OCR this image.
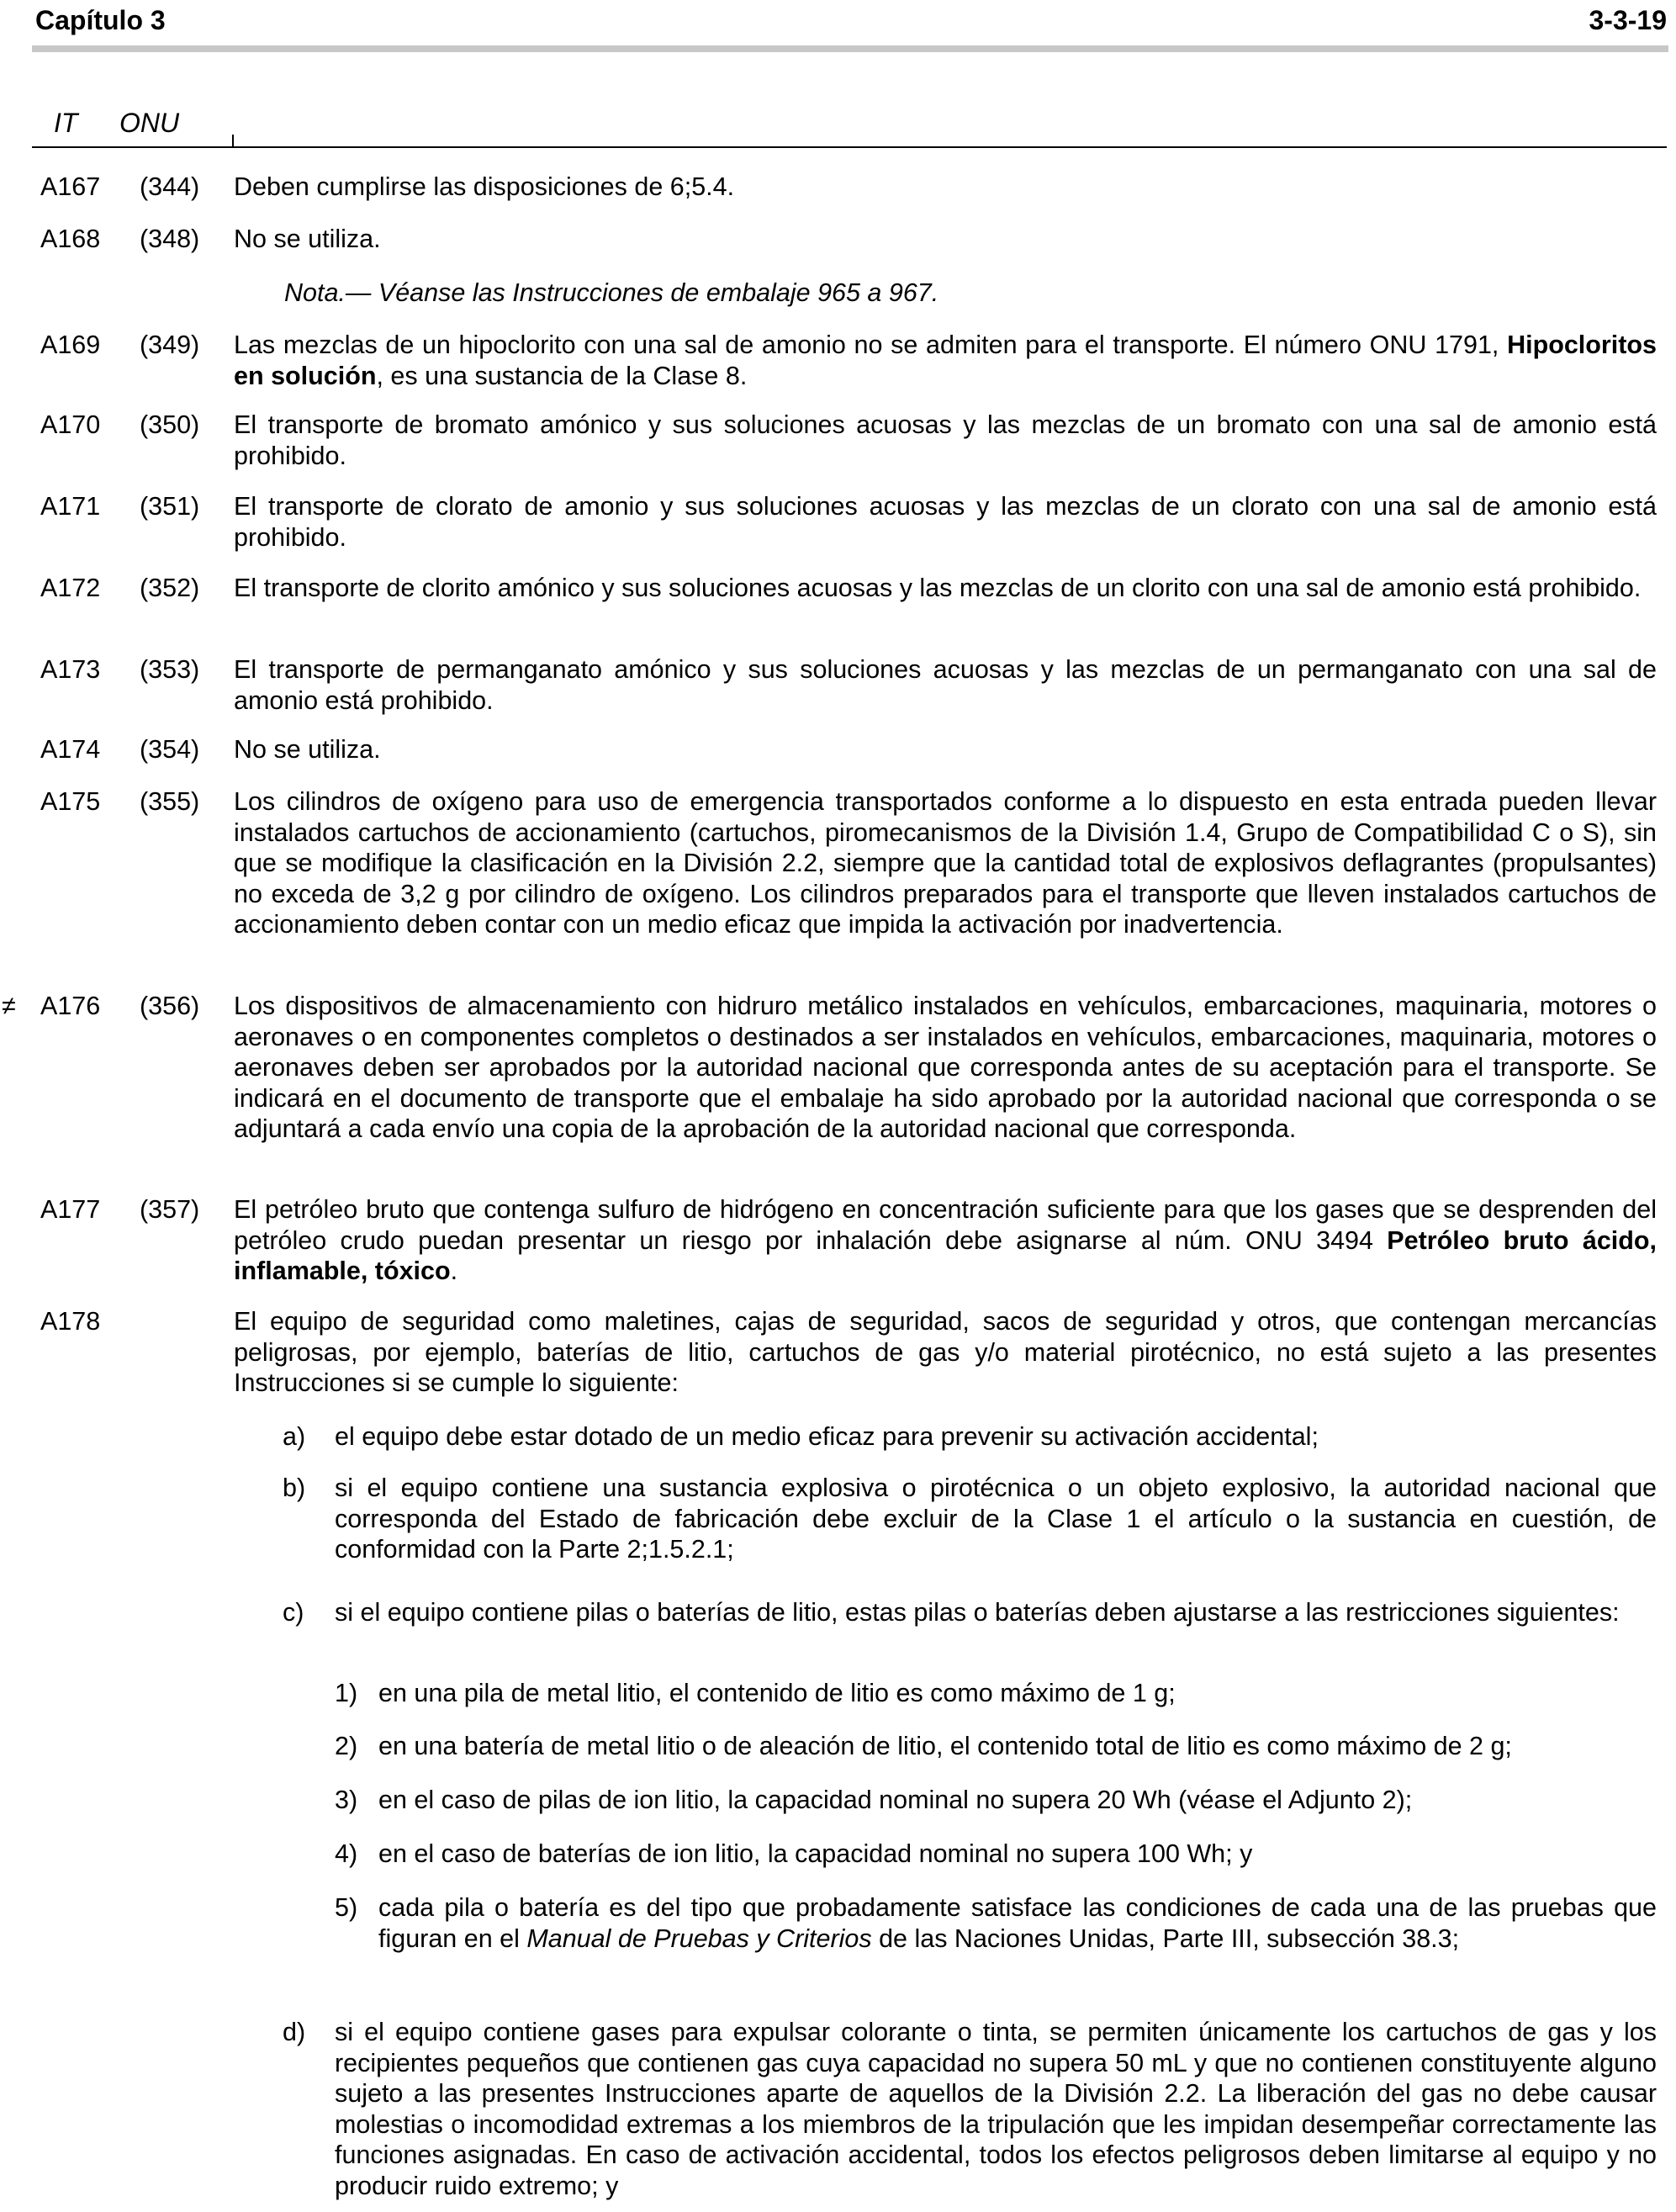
Capítulo 3	3-3-19
IT ONU
A167 (344) Deben cumplirse las disposiciones de 6;5.4.
A168 (348) No se utiliza.
Nota.— Véanse las Instrucciones de embalaje 965 a 967.
A169 (349) Las mezclas de un hipoclorito con una sal de amonio no se admiten para el transporte. El número ONU 1791, Hipocloritos en solución, es una sustancia de la Clase 8.
A170 (350) El transporte de bromato amónico y sus soluciones acuosas y las mezclas de un bromato con una sal de amonio está prohibido.
A171 (351) El transporte de clorato de amonio y sus soluciones acuosas y las mezclas de un clorato con una sal de amonio está prohibido.
A172 (352) El transporte de clorito amónico y sus soluciones acuosas y las mezclas de un clorito con una sal de amonio está prohibido.
A173 (353) El transporte de permanganato amónico y sus soluciones acuosas y las mezclas de un permanganato con una sal de amonio está prohibido.
A174 (354) No se utiliza.
A175 (355) Los cilindros de oxígeno para uso de emergencia transportados conforme a lo dispuesto en esta entrada pueden llevar instalados cartuchos de accionamiento (cartuchos, piromecanismos de la División 1.4, Grupo de Compatibilidad C o S), sin que se modifique la clasificación en la División 2.2, siempre que la cantidad total de explosivos deflagrantes (propulsantes) no exceda de 3,2 g por cilindro de oxígeno. Los cilindros preparados para el transporte que lleven instalados cartuchos de accionamiento deben contar con un medio eficaz que impida la activación por inadvertencia.
≠ A176 (356) Los dispositivos de almacenamiento con hidruro metálico instalados en vehículos, embarcaciones, maquinaria, motores o aeronaves o en componentes completos o destinados a ser instalados en vehículos, embarcaciones, maquinaria, motores o aeronaves deben ser aprobados por la autoridad nacional que corresponda antes de su aceptación para el transporte. Se indicará en el documento de transporte que el embalaje ha sido aprobado por la autoridad nacional que corresponda o se adjuntará a cada envío una copia de la aprobación de la autoridad nacional que corresponda.
A177 (357) El petróleo bruto que contenga sulfuro de hidrógeno en concentración suficiente para que los gases que se desprenden del petróleo crudo puedan presentar un riesgo por inhalación debe asignarse al núm. ONU 3494 Petróleo bruto ácido, inflamable, tóxico.
A178	El equipo de seguridad como maletines, cajas de seguridad, sacos de seguridad y otros, que contengan mercancías peligrosas, por ejemplo, baterías de litio, cartuchos de gas y/o material pirotécnico, no está sujeto a las presentes Instrucciones si se cumple lo siguiente:
a) el equipo debe estar dotado de un medio eficaz para prevenir su activación accidental;
b) si el equipo contiene una sustancia explosiva o pirotécnica o un objeto explosivo, la autoridad nacional que corresponda del Estado de fabricación debe excluir de la Clase 1 el artículo o la sustancia en cuestión, de conformidad con la Parte 2;1.5.2.1;
c) si el equipo contiene pilas o baterías de litio, estas pilas o baterías deben ajustarse a las restricciones siguientes:
1) en una pila de metal litio, el contenido de litio es como máximo de 1 g;
2) en una batería de metal litio o de aleación de litio, el contenido total de litio es como máximo de 2 g;
3) en el caso de pilas de ion litio, la capacidad nominal no supera 20 Wh (véase el Adjunto 2);
4) en el caso de baterías de ion litio, la capacidad nominal no supera 100 Wh; y
5) cada pila o batería es del tipo que probadamente satisface las condiciones de cada una de las pruebas que figuran en el Manual de Pruebas y Criterios de las Naciones Unidas, Parte III, subsección 38.3;
d) si el equipo contiene gases para expulsar colorante o tinta, se permiten únicamente los cartuchos de gas y los recipientes pequeños que contienen gas cuya capacidad no supera 50 mL y que no contienen constituyente alguno sujeto a las presentes Instrucciones aparte de aquellos de la División 2.2. La liberación del gas no debe causar molestias o incomodidad extremas a los miembros de la tripulación que les impidan desempeñar correctamente las funciones asignadas. En caso de activación accidental, todos los efectos peligrosos deben limitarse al equipo y no producir ruido extremo; y
